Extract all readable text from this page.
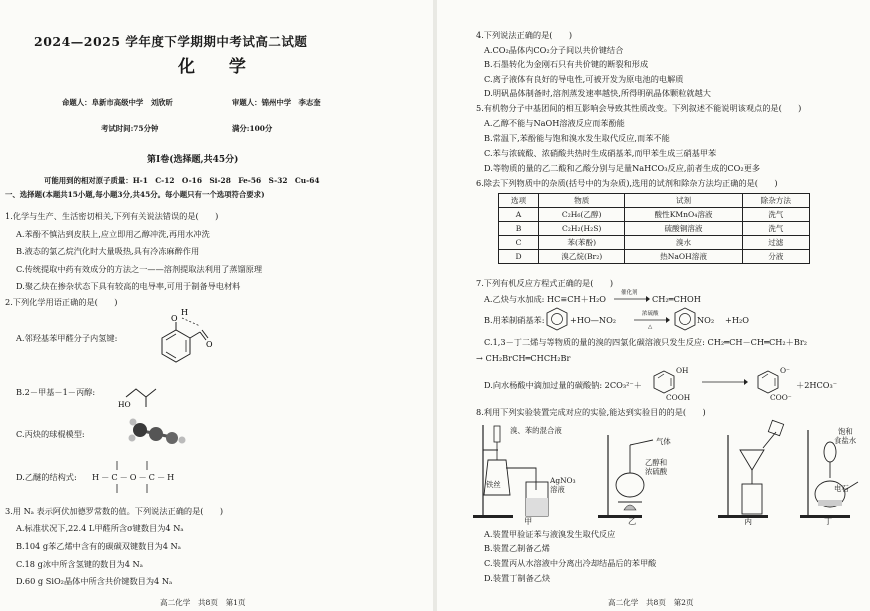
2024—2025 学年度下学期期中考试高二试题
化 学
命题人：阜新市高级中学　刘欣昕	审题人：锦州中学　李志奎
考试时间:75分钟	满分:100分
第Ⅰ卷(选择题,共45分)
可能用到的相对原子质量：H-1　C-12　O-16　Si-28　Fe-56　S-32　Cu-64
一、选择题(本题共15小题,每小题3分,共45分。每小题只有一个选项符合要求)
1.化学与生产、生活密切相关,下列有关说法错误的是(　　)
A.苯酚不慎沾到皮肤上,应立即用乙醇冲洗,再用水冲洗
B.液态的氯乙烷汽化时大量吸热,具有冷冻麻醉作用
C.传统提取中药有效成分的方法之一——溶剂提取法利用了蒸馏原理
D.聚乙炔在掺杂状态下具有较高的电导率,可用于制备导电材料
2.下列化学用语正确的是(　　)
A.邻羟基苯甲醛分子内氢键:
O
H
O
B.2－甲基－1－丙醇:
HO
C.丙炔的球棍模型:
D.乙醚的结构式: H－C－O－C－H
3.用 Nₐ 表示阿伏加德罗常数的值。下列说法正确的是(　　)
A.标准状况下,22.4 L甲醛所含σ键数目为4 Nₐ
B.104 g苯乙烯中含有的碳碳双键数目为4 Nₐ
C.18 g冰中所含氢键的数目为4 Nₐ
D.60 g SiO₂晶体中所含共价键数目为4 Nₐ
高二化学　共8页　第1页
4.下列说法正确的是(　　)
A.CO₂晶体内CO₂分子间以共价键结合
B.石墨转化为金刚石只有共价键的断裂和形成
C.离子液体有良好的导电性,可被开发为原电池的电解质
D.明矾晶体制备时,溶剂蒸发速率越快,所得明矾晶体颗粒就越大
5.有机物分子中基团间的相互影响会导致其性质改变。下列叙述不能说明该观点的是(　　)
A.乙醇不能与NaOH溶液反应而苯酚能
B.常温下,苯酚能与饱和溴水发生取代反应,而苯不能
C.苯与浓硫酸、浓硝酸共热时生成硝基苯,而甲苯生成三硝基甲苯
D.等物质的量的乙二酸和乙酸分别与足量NaHCO₃反应,前者生成的CO₂更多
6.除去下列物质中的杂质(括号中的为杂质),选用的试剂和除杂方法均正确的是(　　)
选项	物质	试剂	除杂方法
A	C₂H₆(乙醇)	酸性KMnO₄溶液	洗气
B	C₂H₂(H₂S)	硫酸铜溶液	洗气
C	苯(苯酚)	溴水	过滤
D	溴乙烷(Br₂)	热NaOH溶液	分液
7.下列有机反应方程式正确的是(　　)
A.乙炔与水加成: HC≡CH＋H₂O
催化剂
CH₂═CHOH
B.用苯制硝基苯:	+HO—NO₂
浓硫酸
△
NO₂ +H₂O
C.1,3－丁二烯与等物质的量的溴的四氯化碳溶液只发生反应: CH₂═CH－CH═CH₂＋Br₂
→ CH₂BrCH═CHCH₂Br
D.向水杨酸中滴加过量的碳酸钠: 2CO₃²⁻＋
OH
COOH
O⁻
COO⁻
＋2HCO₃⁻
8.利用下列实验装置完成对应的实验,能达到实验目的的是(　　)
溴、苯的混合液
铁丝	AgNO₃
溶液
气体
乙醇和
浓硫酸
饱和
食盐水
电石
甲	乙	丙	丁
A.装置甲验证苯与液溴发生取代反应
B.装置乙制备乙烯
C.装置丙从水溶液中分离出冷却结晶后的苯甲酸
D.装置丁制备乙炔
高二化学　共8页　第2页
